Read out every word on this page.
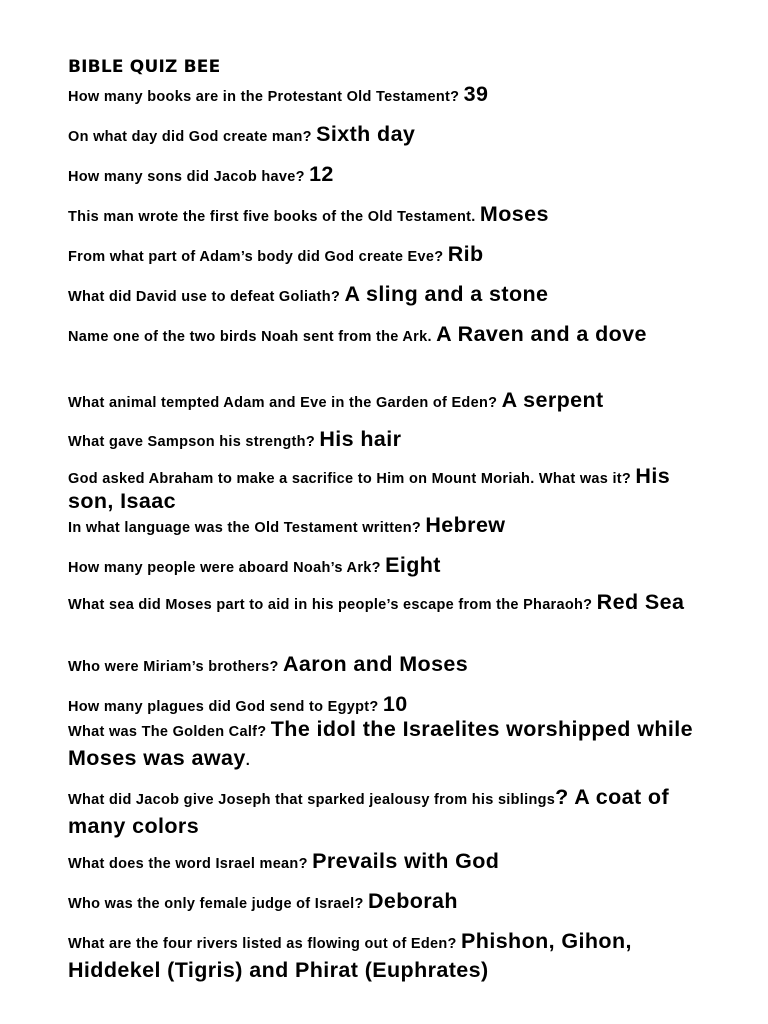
BIBLE QUIZ BEE
How many books are in the Protestant Old Testament? 39
On what day did God create man? Sixth day
How many sons did Jacob have? 12
This man wrote the first five books of the Old Testament. Moses
From what part of Adam’s body did God create Eve? Rib
What did David use to defeat Goliath? A sling and a stone
Name one of the two birds Noah sent from the Ark. A Raven and a dove
What animal tempted Adam and Eve in the Garden of Eden? A serpent
What gave Sampson his strength? His hair
God asked Abraham to make a sacrifice to Him on Mount Moriah. What was it? His son, Isaac
In what language was the Old Testament written? Hebrew
How many people were aboard Noah’s Ark? Eight
What sea did Moses part to aid in his people’s escape from the Pharaoh? Red Sea
Who were Miriam’s brothers? Aaron and Moses
How many plagues did God send to Egypt? 10
What was The Golden Calf? The idol the Israelites worshipped while Moses was away.
What did Jacob give Joseph that sparked jealousy from his siblings? A coat of many colors
What does the word Israel mean? Prevails with God
Who was the only female judge of Israel? Deborah
What are the four rivers listed as flowing out of Eden? Phishon, Gihon, Hiddekel (Tigris) and Phirat (Euphrates)
